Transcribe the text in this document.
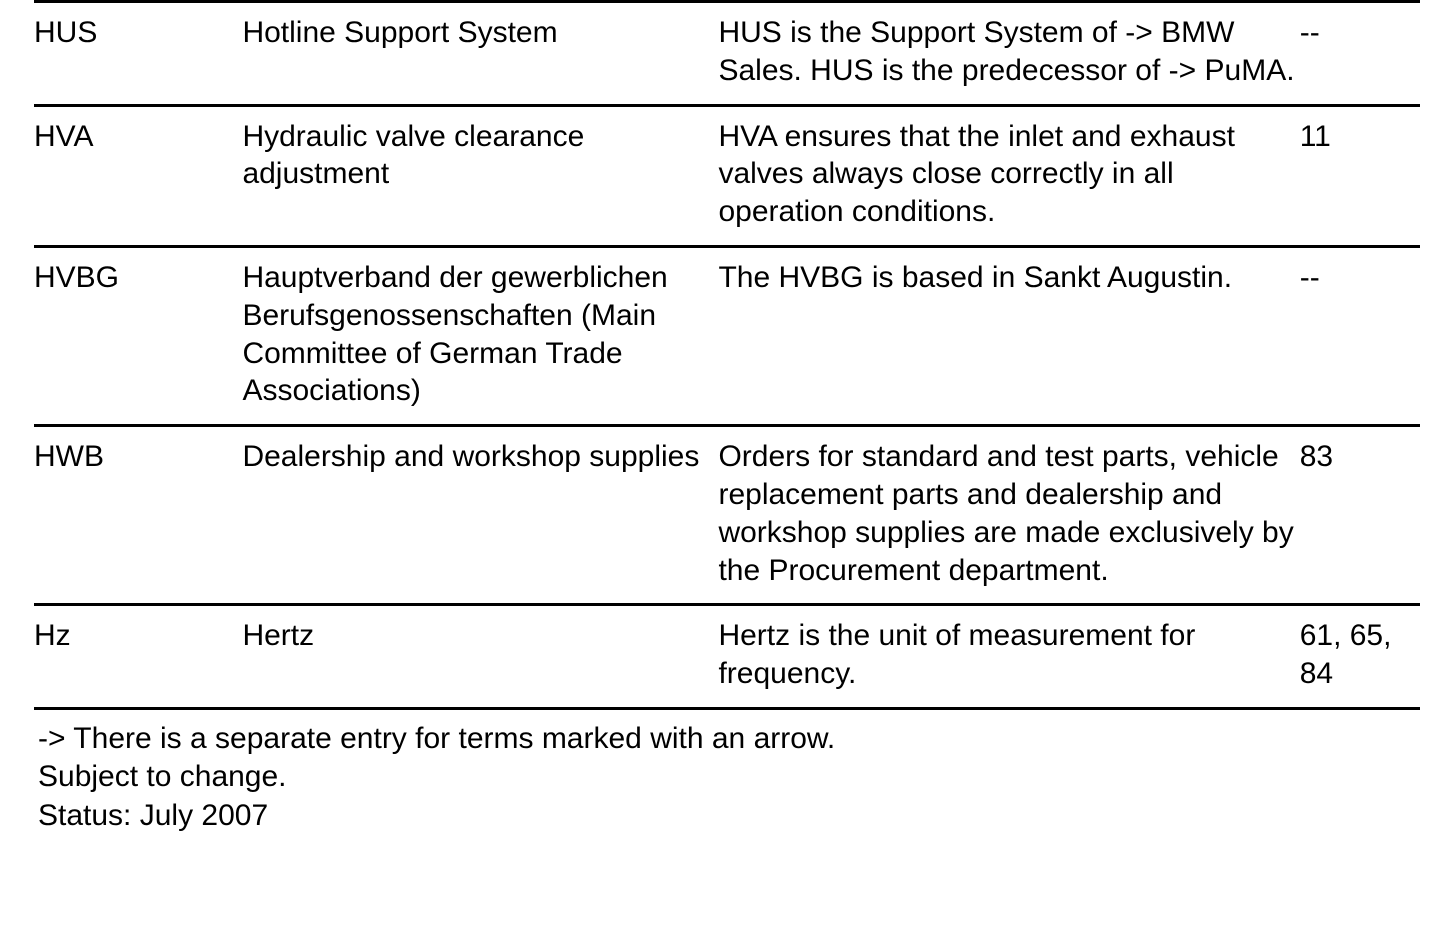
HUS	Hotline Support System	HUS is the Support System of -> BMW Sales. HUS is the predecessor of -> PuMA.	--
HVA	Hydraulic valve clearance adjustment	HVA ensures that the inlet and exhaust valves always close correctly in all operation conditions.	11
HVBG	Hauptverband der gewerblichen Berufsgenossenschaften (Main Committee of German Trade Associations)	The HVBG is based in Sankt Augustin.	--
HWB	Dealership and workshop supplies	Orders for standard and test parts, vehicle replacement parts and dealership and workshop supplies are made exclusively by the Procurement department.	83
Hz	Hertz	Hertz is the unit of measurement for frequency.	61, 65, 84
-> There is a separate entry for terms marked with an arrow.
Subject to change.
Status: July 2007
